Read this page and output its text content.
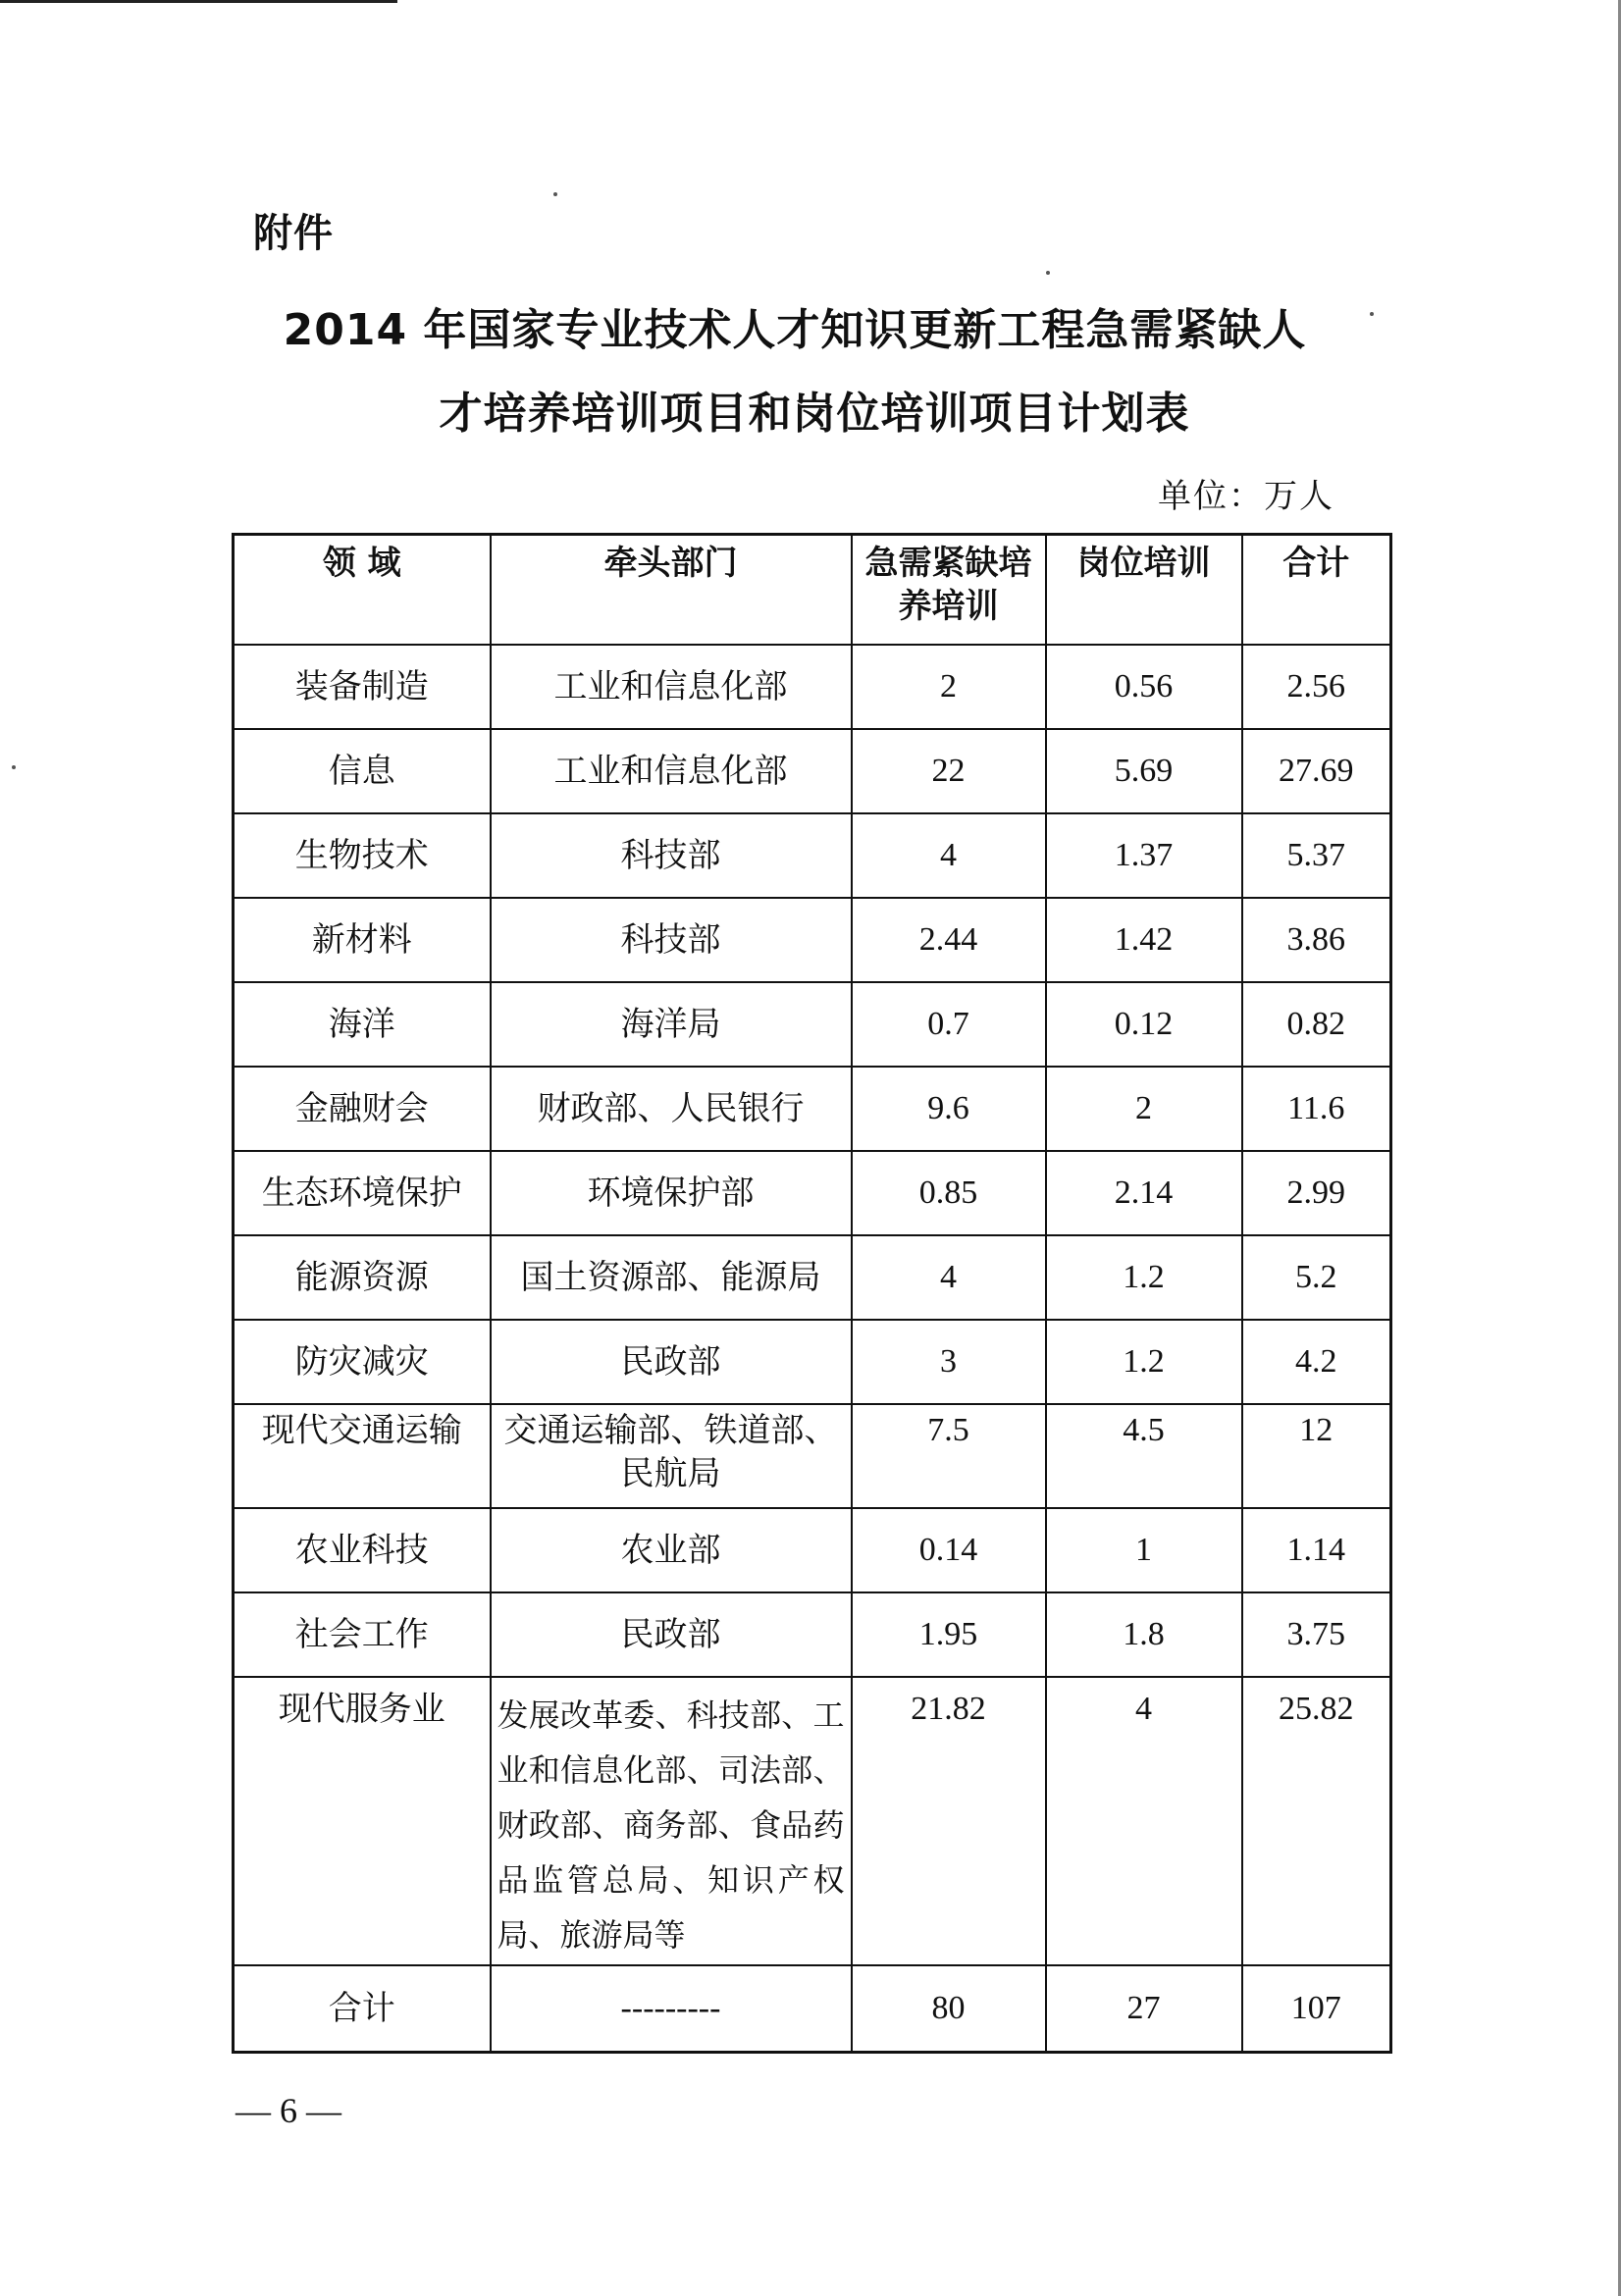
附件
2014 年国家专业技术人才知识更新工程急需紧缺人
才培养培训项目和岗位培训项目计划表
单位：万人
领 域	牵头部门	急需紧缺培养培训	岗位培训	合计
装备制造	工业和信息化部	2	0.56	2.56
信息	工业和信息化部	22	5.69	27.69
生物技术	科技部	4	1.37	5.37
新材料	科技部	2.44	1.42	3.86
海洋	海洋局	0.7	0.12	0.82
金融财会	财政部、人民银行	9.6	2	11.6
生态环境保护	环境保护部	0.85	2.14	2.99
能源资源	国土资源部、能源局	4	1.2	5.2
防灾减灾	民政部	3	1.2	4.2
现代交通运输	交通运输部、铁道部、民航局	7.5	4.5	12
农业科技	农业部	0.14	1	1.14
社会工作	民政部	1.95	1.8	3.75
现代服务业	发展改革委、科技部、工业和信息化部、司法部、财政部、商务部、食品药品监管总局、知识产权局、旅游局等	21.82	4	25.82
合计	---------	80	27	107
— 6 —
